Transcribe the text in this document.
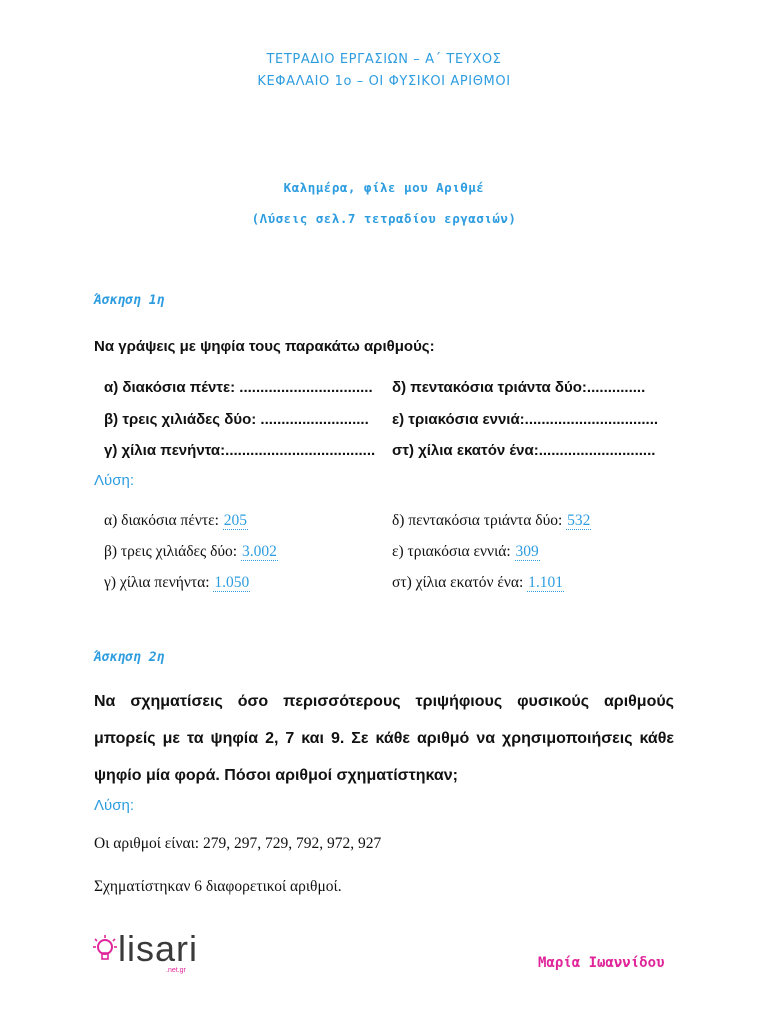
ΤΕΤΡΑΔΙΟ ΕΡΓΑΣΙΩΝ – Α΄ ΤΕΥΧΟΣ
ΚΕΦΑΛΑΙΟ 1ο – ΟΙ ΦΥΣΙΚΟΙ ΑΡΙΘΜΟΙ
Καλημέρα, φίλε μου Αριθμέ
(Λύσεις σελ.7 τετραδίου εργασιών)
Άσκηση 1η
Να γράψεις με ψηφία τους παρακάτω αριθμούς:
α) διακόσια πέντε: ................................ δ) πεντακόσια τριάντα δύο:..............
β) τρεις χιλιάδες δύο: .......................... ε) τριακόσια εννιά:................................
γ) χίλια πενήντα:.................................... στ) χίλια εκατόν ένα:............................
Λύση:
α) διακόσια πέντε: 205	δ) πεντακόσια τριάντα δύο: 532
β) τρεις χιλιάδες δύο: 3.002	ε) τριακόσια εννιά: 309
γ) χίλια πενήντα: 1.050	στ) χίλια εκατόν ένα: 1.101
Άσκηση 2η
Να σχηματίσεις όσο περισσότερους τριψήφιους φυσικούς αριθμούς μπορείς με τα ψηφία 2, 7 και 9. Σε κάθε αριθμό να χρησιμοποιήσεις κάθε ψηφίο μία φορά. Πόσοι αριθμοί σχηματίστηκαν;
Λύση:
Οι αριθμοί είναι: 279, 297, 729, 792, 972, 927
Σχηματίστηκαν 6 διαφορετικοί αριθμοί.
lisari
.net.gr	Μαρία Ιωαννίδου
